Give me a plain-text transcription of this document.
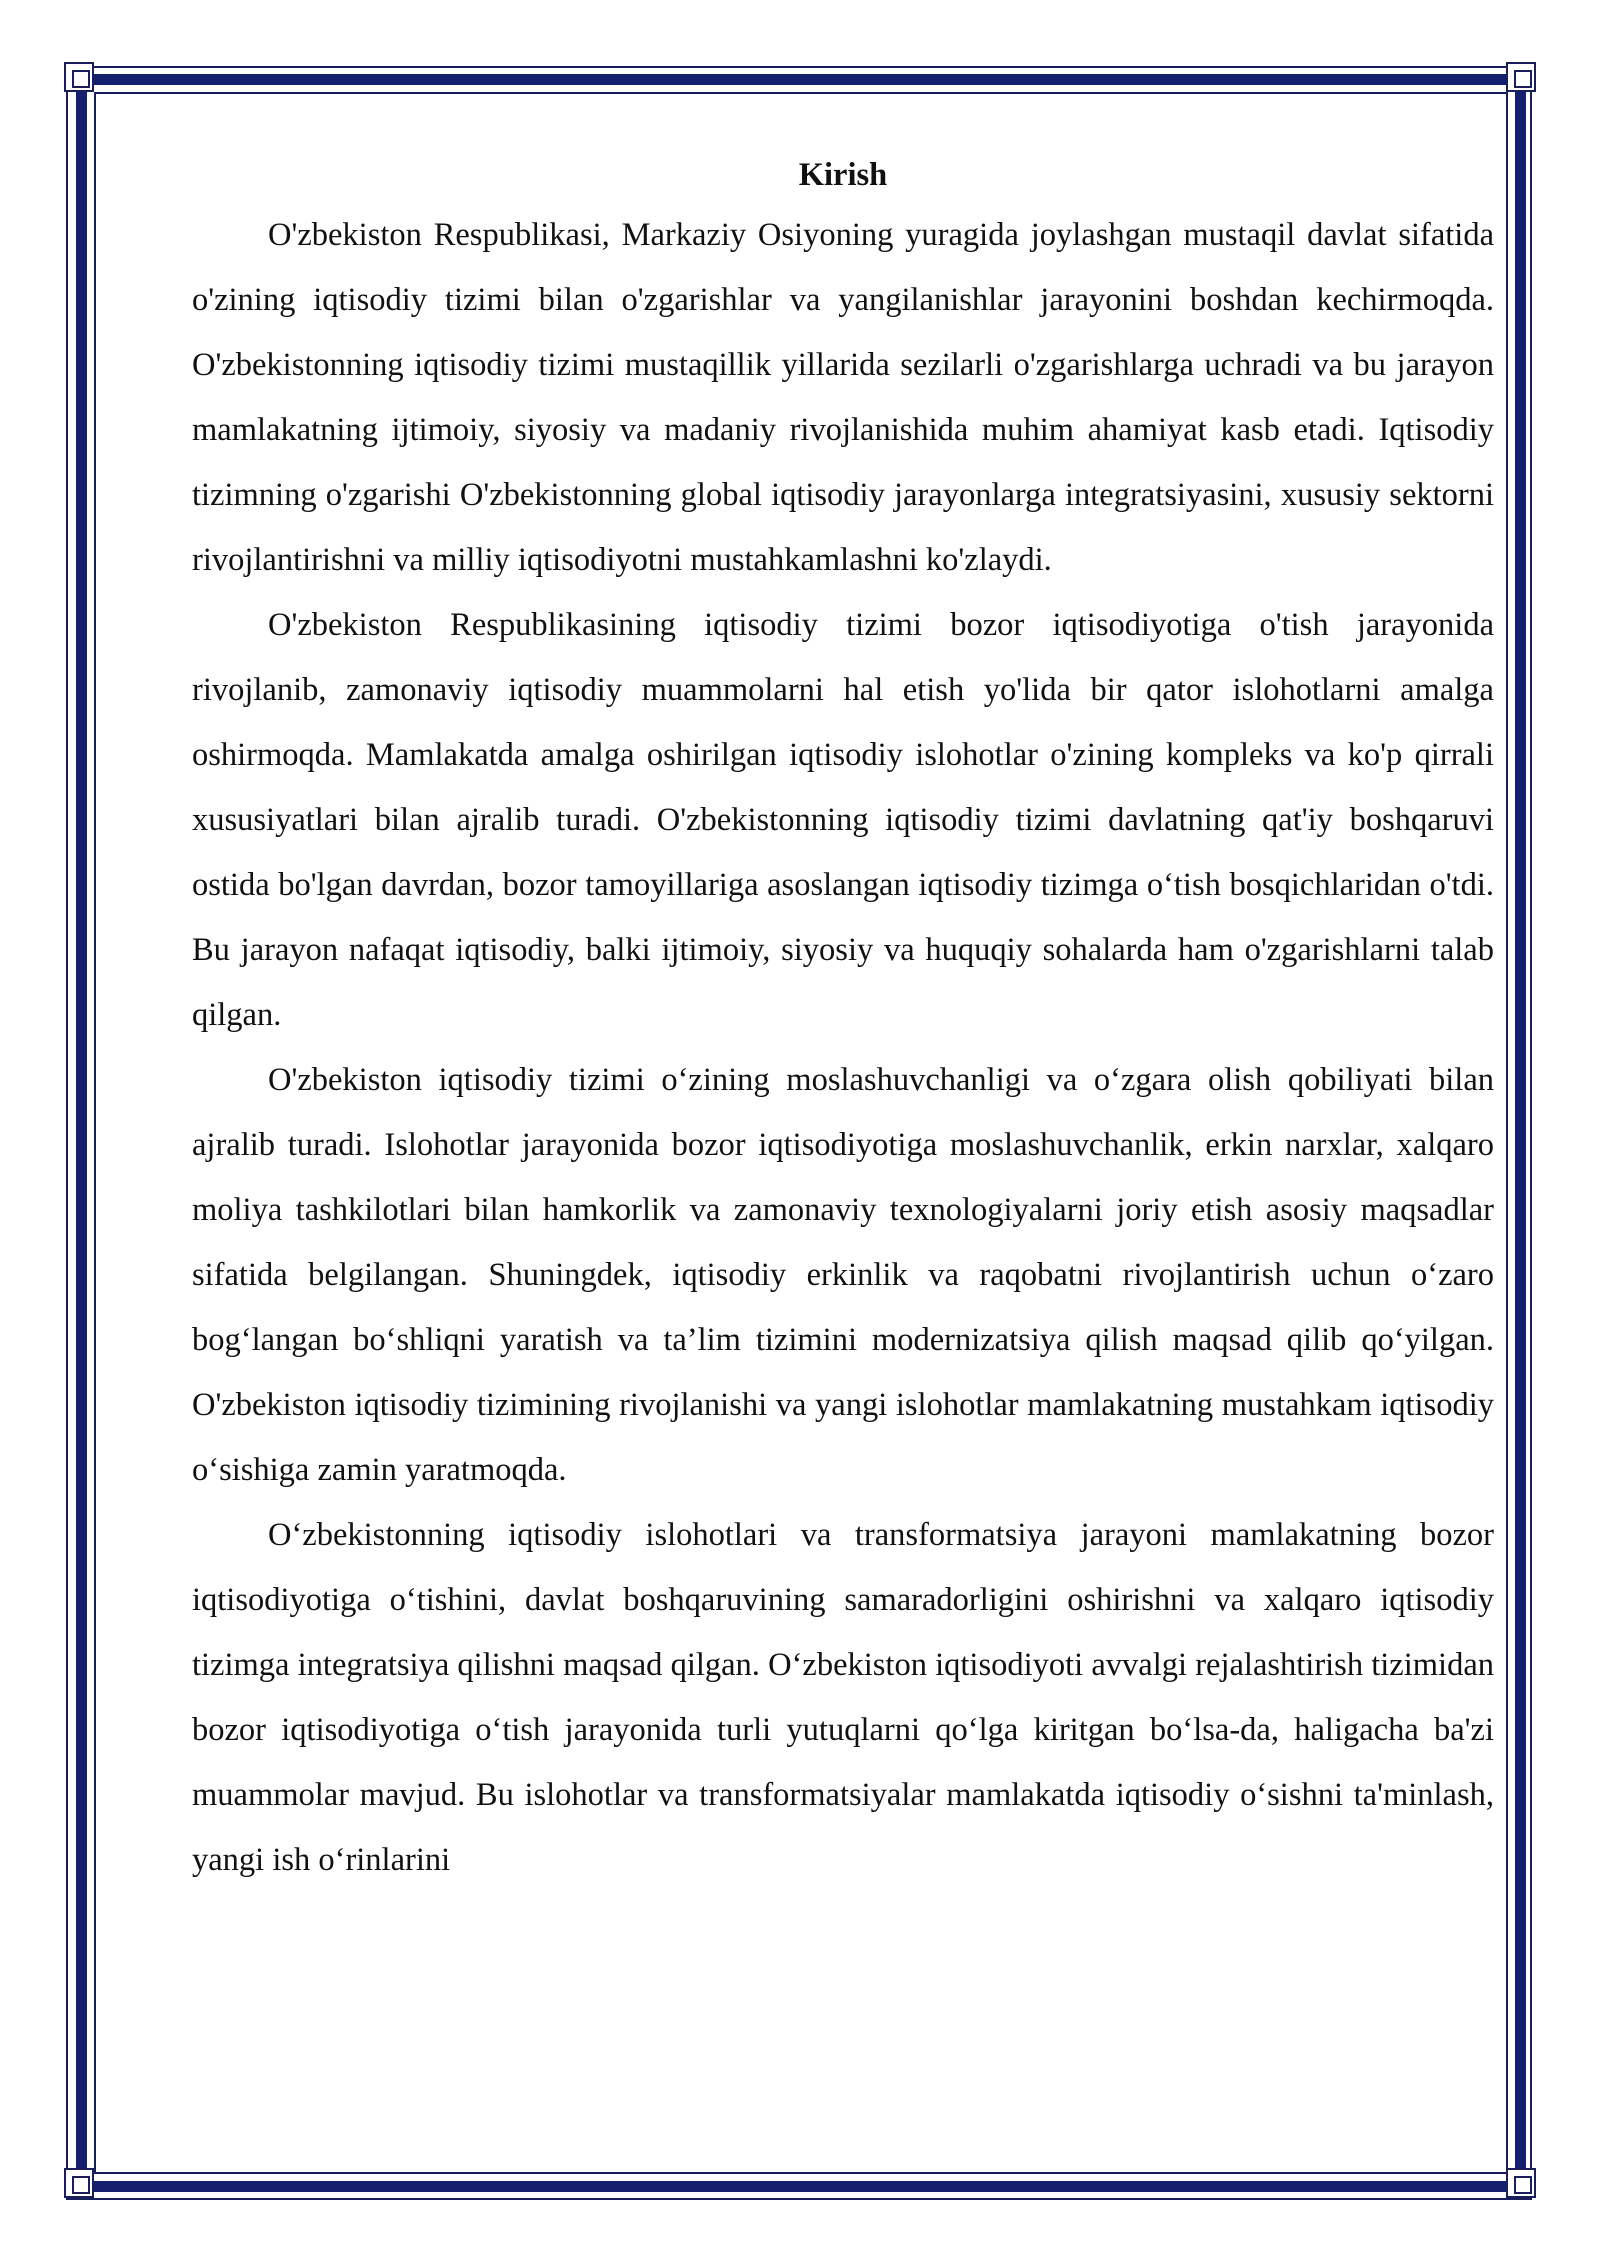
Kirish

O'zbekiston Respublikasi, Markaziy Osiyoning yuragida joylashgan mustaqil davlat sifatida o'zining iqtisodiy tizimi bilan o'zgarishlar va yangilanishlar jarayonini boshdan kechirmoqda. O'zbekistonning iqtisodiy tizimi mustaqillik yillarida sezilarli o'zgarishlarga uchradi va bu jarayon mamlakatning ijtimoiy, siyosiy va madaniy rivojlanishida muhim ahamiyat kasb etadi. Iqtisodiy tizimning o'zgarishi O'zbekistonning global iqtisodiy jarayonlarga integratsiyasini, xususiy sektorni rivojlantirishni va milliy iqtisodiyotni mustahkamlashni ko'zlaydi.

O'zbekiston Respublikasining iqtisodiy tizimi bozor iqtisodiyotiga o'tish jarayonida rivojlanib, zamonaviy iqtisodiy muammolarni hal etish yo'lida bir qator islohotlarni amalga oshirmoqda. Mamlakatda amalga oshirilgan iqtisodiy islohotlar o'zining kompleks va ko'p qirrali xususiyatlari bilan ajralib turadi. O'zbekistonning iqtisodiy tizimi davlatning qat'iy boshqaruvi ostida bo'lgan davrdan, bozor tamoyillariga asoslangan iqtisodiy tizimga o‘tish bosqichlaridan o'tdi. Bu jarayon nafaqat iqtisodiy, balki ijtimoiy, siyosiy va huquqiy sohalarda ham o'zgarishlarni talab qilgan.

O'zbekiston iqtisodiy tizimi o‘zining moslashuvchanligi va o‘zgara olish qobiliyati bilan ajralib turadi. Islohotlar jarayonida bozor iqtisodiyotiga moslashuvchanlik, erkin narxlar, xalqaro moliya tashkilotlari bilan hamkorlik va zamonaviy texnologiyalarni joriy etish asosiy maqsadlar sifatida belgilangan. Shuningdek, iqtisodiy erkinlik va raqobatni rivojlantirish uchun o‘zaro bog‘langan bo‘shliqni yaratish va ta’lim tizimini modernizatsiya qilish maqsad qilib qo‘yilgan. O'zbekiston iqtisodiy tizimining rivojlanishi va yangi islohotlar mamlakatning mustahkam iqtisodiy o‘sishiga zamin yaratmoqda.

O‘zbekistonning iqtisodiy islohotlari va transformatsiya jarayoni mamlakatning bozor iqtisodiyotiga o‘tishini, davlat boshqaruvining samaradorligini oshirishni va xalqaro iqtisodiy tizimga integratsiya qilishni maqsad qilgan. O‘zbekiston iqtisodiyoti avvalgi rejalashtirish tizimidan bozor iqtisodiyotiga o‘tish jarayonida turli yutuqlarni qo‘lga kiritgan bo‘lsa-da, haligacha ba'zi muammolar mavjud. Bu islohotlar va transformatsiyalar mamlakatda iqtisodiy o‘sishni ta'minlash, yangi ish o‘rinlarini
